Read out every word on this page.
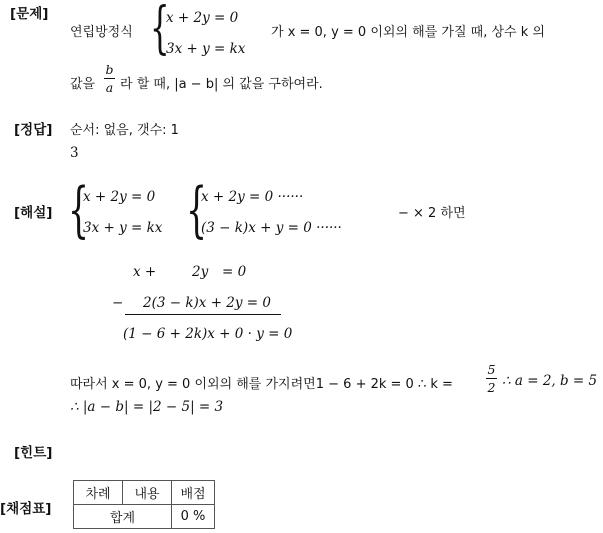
[문제]
[정답]
[해설]
[힌트]
[채점표]
연립방정식 {
x + 2y = 0
3x + y = kx
가 x = 0, y = 0 이외의 해를 가질 때, 상수 k 의
값을
b
a 라 할 때, |a − b| 의 값을 구하여라.
순서: 없음, 갯수: 1
3
{
x + 2y = 0
3x + y = kx {
x + 2y = 0 ······
(3 − k)x + y = 0 ······
− × 2 하면
x +	2y = 0
− 2(3 − k)x + 2y = 0
(1 − 6 + 2k)x + 0 · y = 0
따라서 x = 0, y = 0 이외의 해를 가지려면1 − 6 + 2k = 0 ∴ k =
5
2 ∴ a = 2, b = 5
∴ |a − b| = |2 − 5| = 3
차례	내용	배점
합계		0 %
